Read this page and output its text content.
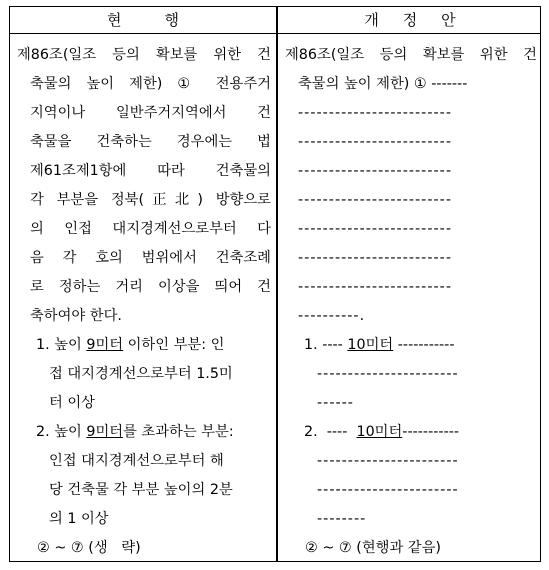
현         행	개     정     안
제86조(일조 등의 확보를 위한 건
축물의 높이 제한) ① 전용주거
지역이나 일반주거지역에서 건
축물을 건축하는 경우에는 법
제61조제1항에 따라 건축물의
각 부분을 정북(正北) 방향으로
의 인접 대지경계선으로부터 다
음 각 호의 범위에서 건축조례
로 정하는 거리 이상을 띄어 건
축하여야 한다.
1. 높이 9미터 이하인 부분: 인
접 대지경계선으로부터 1.5미
터 이상
2. 높이 9미터를 초과하는 부분:
인접 대지경계선으로부터 해
당 건축물 각 부분 높이의 2분
의 1 이상
② ~ ⑦ (생   략)
제86조(일조 등의 확보를 위한 건
축물의 높이 제한) ① -------
-------------------------
-------------------------
-------------------------
-------------------------
-------------------------
-------------------------
-------------------------
----------.
1. ---- 10미터 -----------
-----------------------
------
2.  ----  10미터-----------
-----------------------
-----------------------
--------
② ~ ⑦ (현행과 같음)
